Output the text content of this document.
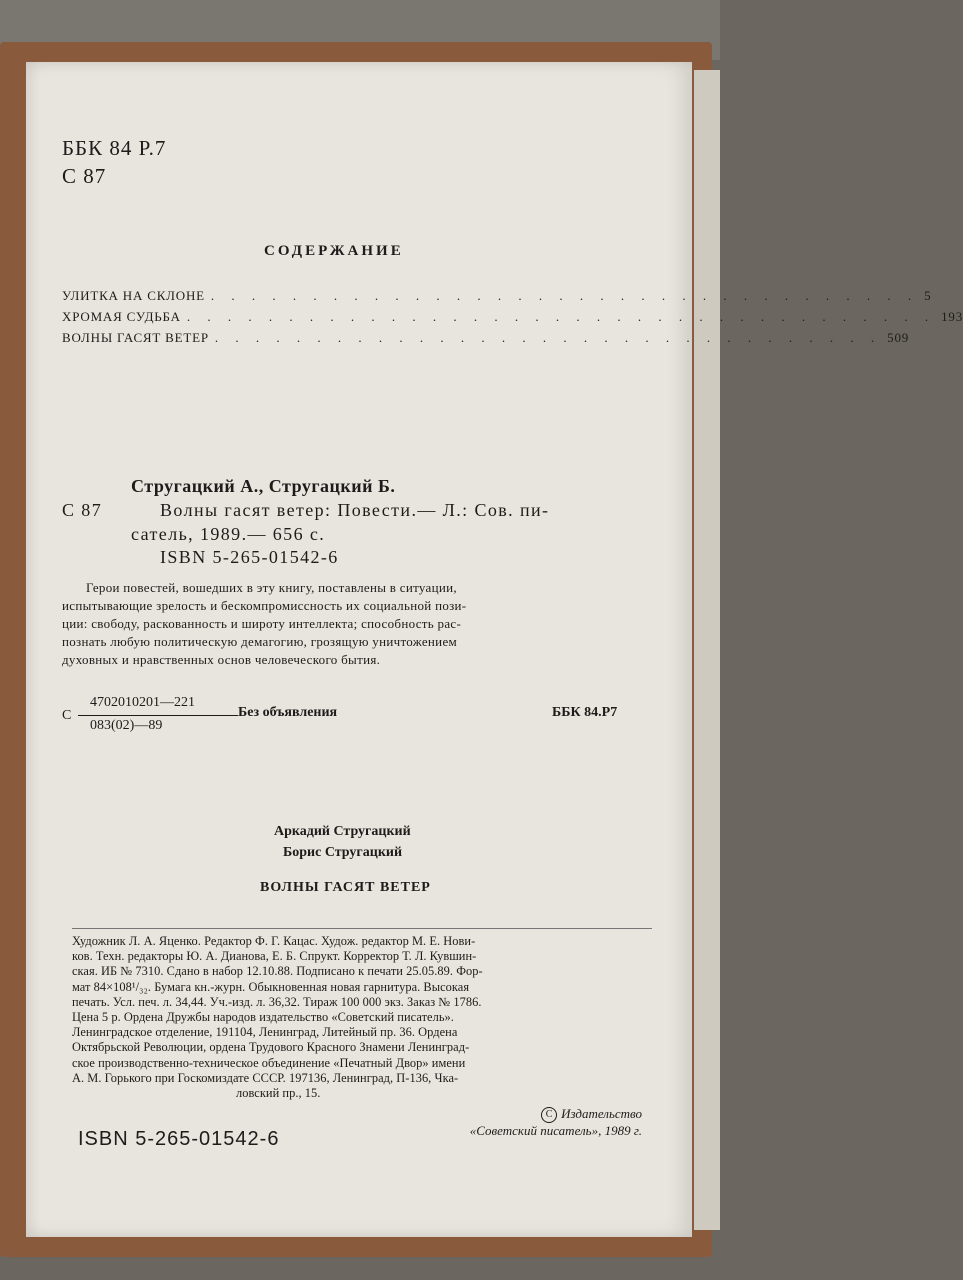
ББК 84 Р.7

С 87

СОДЕРЖАНИЕ

УЛИТКА НА СКЛОНЕ . . . . . . . . . . . . . . . . . . . . . . . . . . . . . . . . . . . 5
ХРОМАЯ СУДЬБА . . . . . . . . . . . . . . . . . . . . . . . . . . . . . . . . . . . . . 193
ВОЛНЫ ГАСЯТ ВЕТЕР . . . . . . . . . . . . . . . . . . . . . . . . . . . . . . . . . 509

Стругацкий А., Стругацкий Б.

С 87	Волны гасят ветер: Повести.— Л.: Сов. пи-

сатель, 1989.— 656 с.

ISBN 5-265-01542-6

Герои повестей, вошедших в эту книгу, поставлены в ситуации,
испытывающие зрелость и бескомпромиссность их социальной пози-
ции: свободу, раскованность и широту интеллекта; способность рас-
познать любую политическую демагогию, грозящую уничтожением
духовных и нравственных основ человеческого бытия.

С

4702010201—221

083(02)—89

Без объявления	ББК 84.Р7

Аркадий Стругацкий

Борис Стругацкий

ВОЛНЫ ГАСЯТ ВЕТЕР

Художник Л. А. Яценко. Редактор Ф. Г. Кацас. Худож. редактор М. Е. Нови-
ков. Техн. редакторы Ю. А. Дианова, Е. Б. Спрукт. Корректор Т. Л. Кувшин-
ская. ИБ № 7310. Сдано в набор 12.10.88. Подписано к печати 25.05.89. Фор-
мат 84×108¹/₃₂. Бумага кн.-журн. Обыкновенная новая гарнитура. Высокая
печать. Усл. печ. л. 34,44. Уч.-изд. л. 36,32. Тираж 100 000 экз. Заказ № 1786.
Цена 5 р. Ордена Дружбы народов издательство «Советский писатель».
Ленинградское отделение, 191104, Ленинград, Литейный пр. 36. Ордена
Октябрьской Революции, ордена Трудового Красного Знамени Ленинград-
ское производственно-техническое объединение «Печатный Двор» имени
А. М. Горького при Госкомиздате СССР. 197136, Ленинград, П-136, Чка-
ловский пр., 15.

ISBN 5-265-01542-6

C Издательство
«Советский писатель», 1989 г.
